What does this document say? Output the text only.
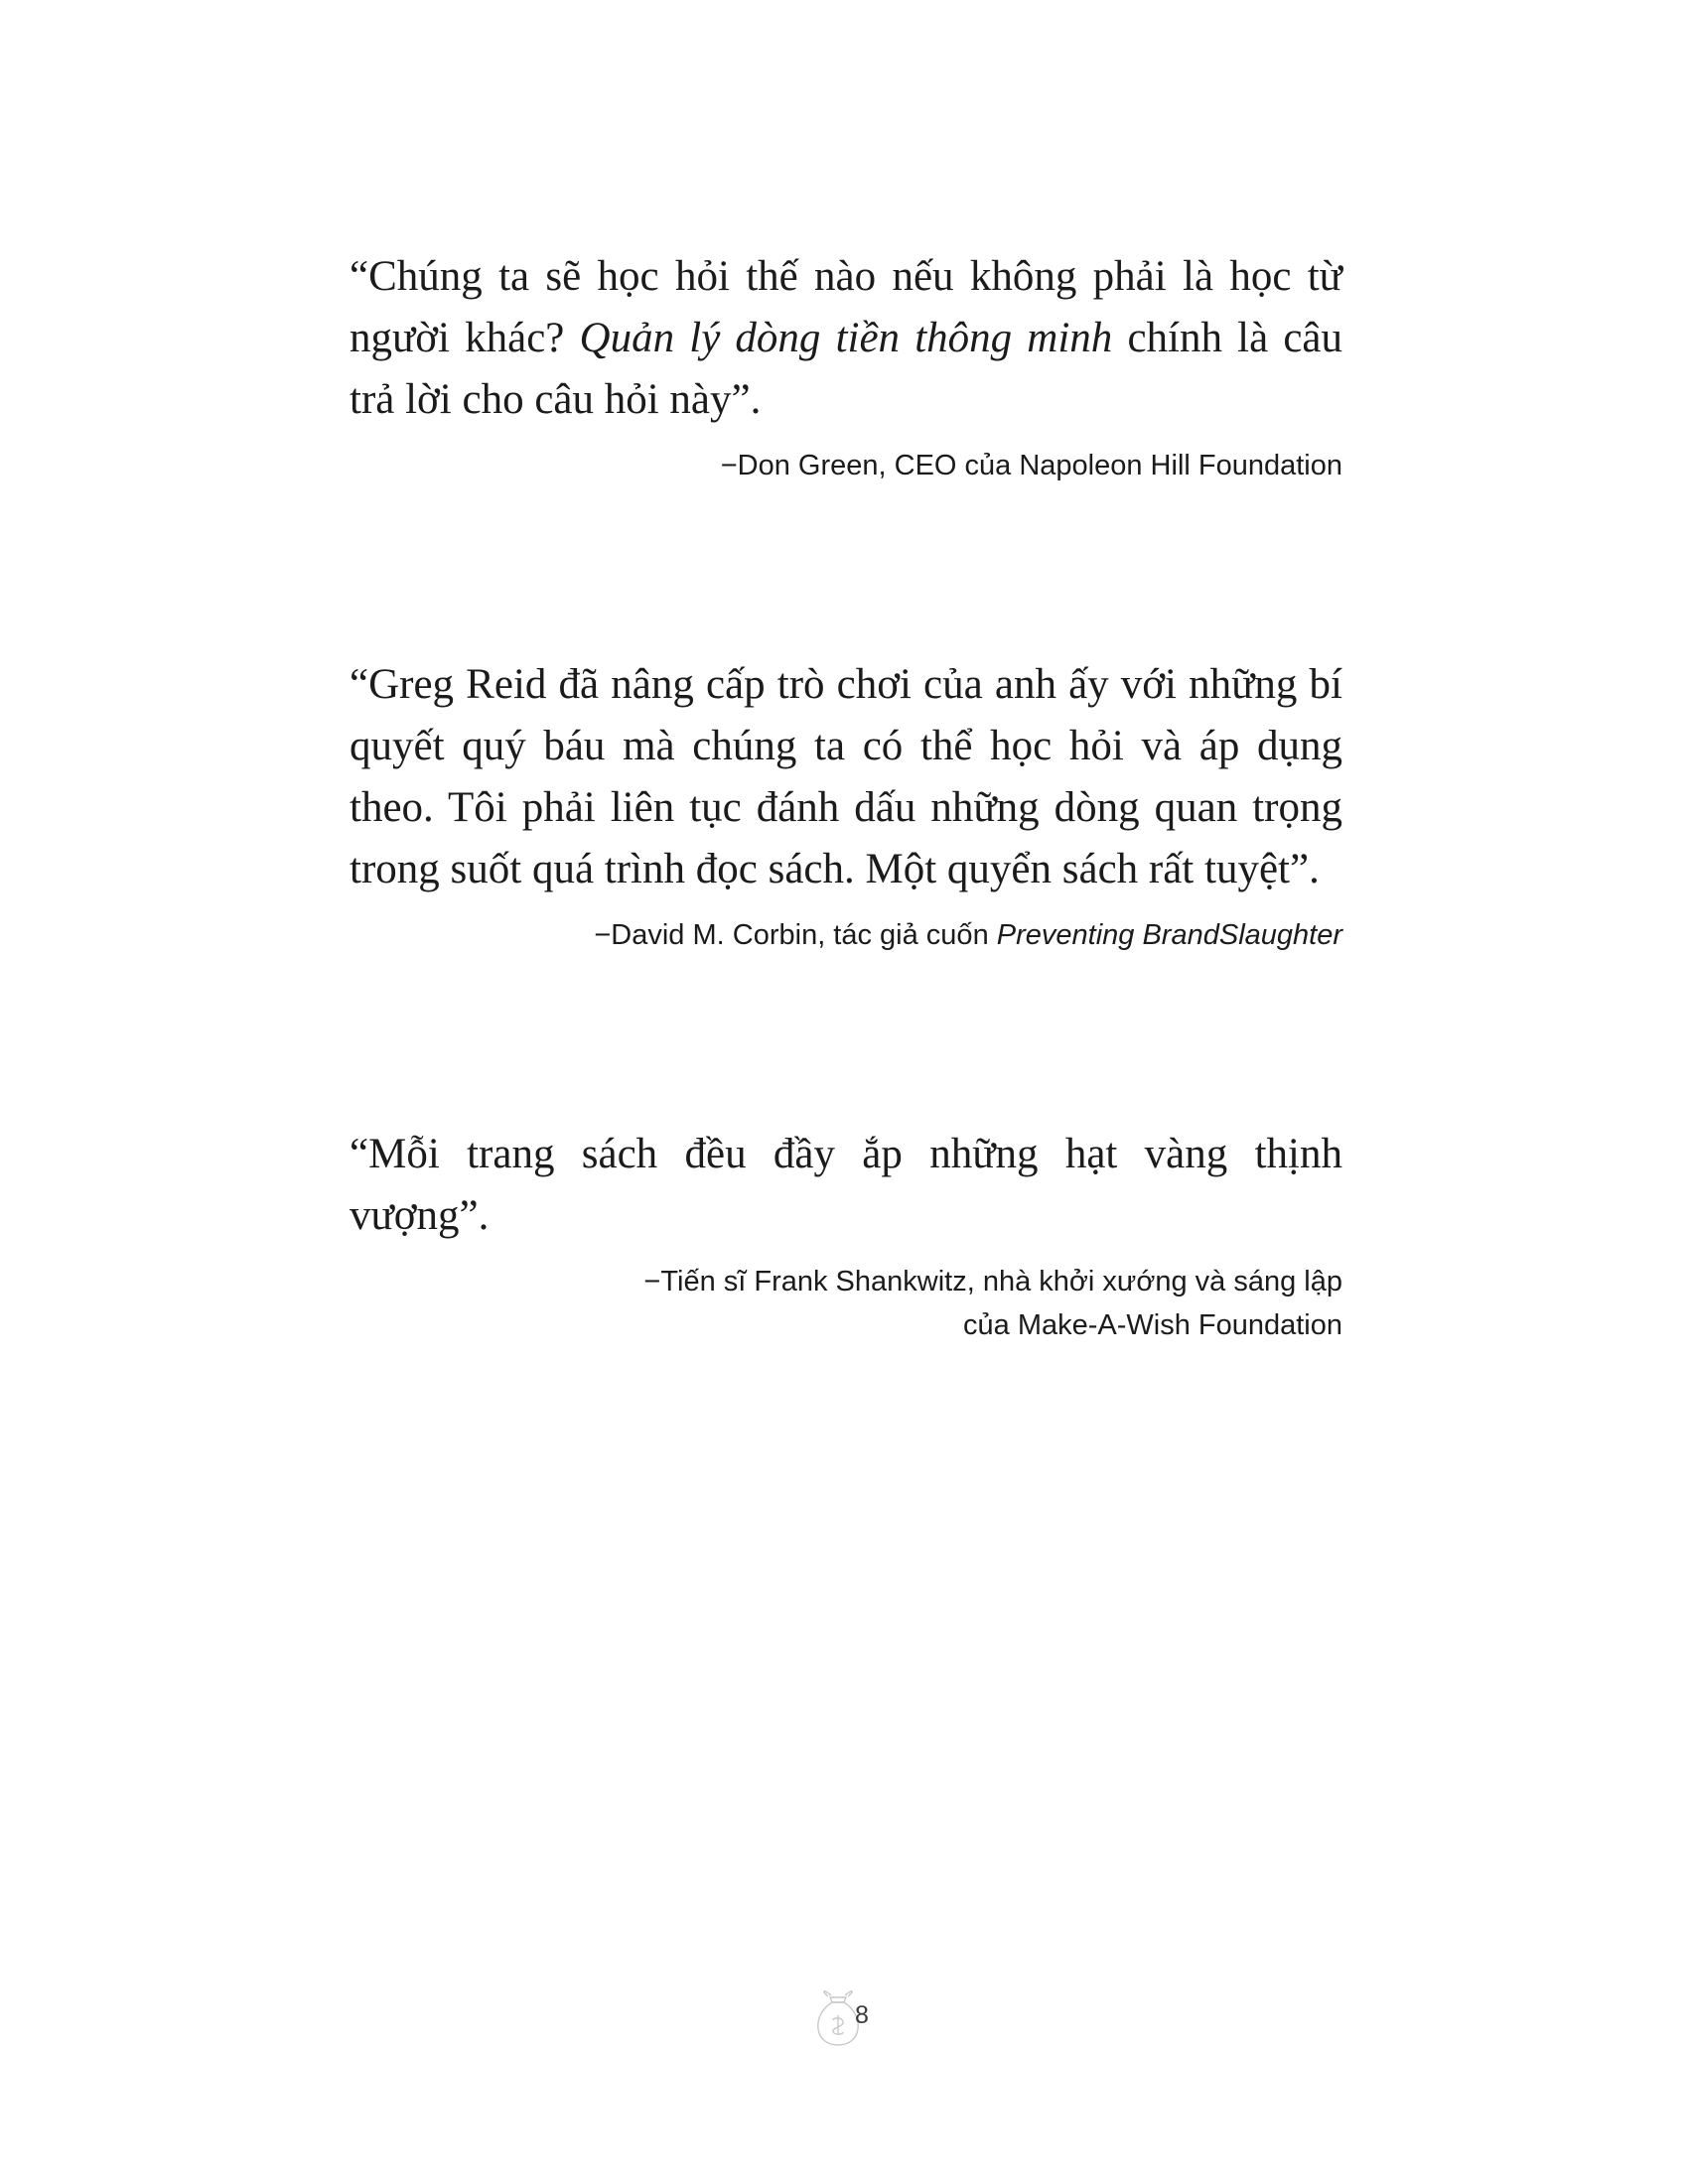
“Chúng ta sẽ học hỏi thế nào nếu không phải là học từ người khác? Quản lý dòng tiền thông minh chính là câu trả lời cho câu hỏi này”.

−Don Green, CEO của Napoleon Hill Foundation

“Greg Reid đã nâng cấp trò chơi của anh ấy với những bí quyết quý báu mà chúng ta có thể học hỏi và áp dụng theo. Tôi phải liên tục đánh dấu những dòng quan trọng trong suốt quá trình đọc sách. Một quyển sách rất tuyệt”.

−David M. Corbin, tác giả cuốn Preventing BrandSlaughter

“Mỗi trang sách đều đầy ắp những hạt vàng thịnh vượng”.

−Tiến sĩ Frank Shankwitz, nhà khởi xướng và sáng lập
của Make-A-Wish Foundation

8
